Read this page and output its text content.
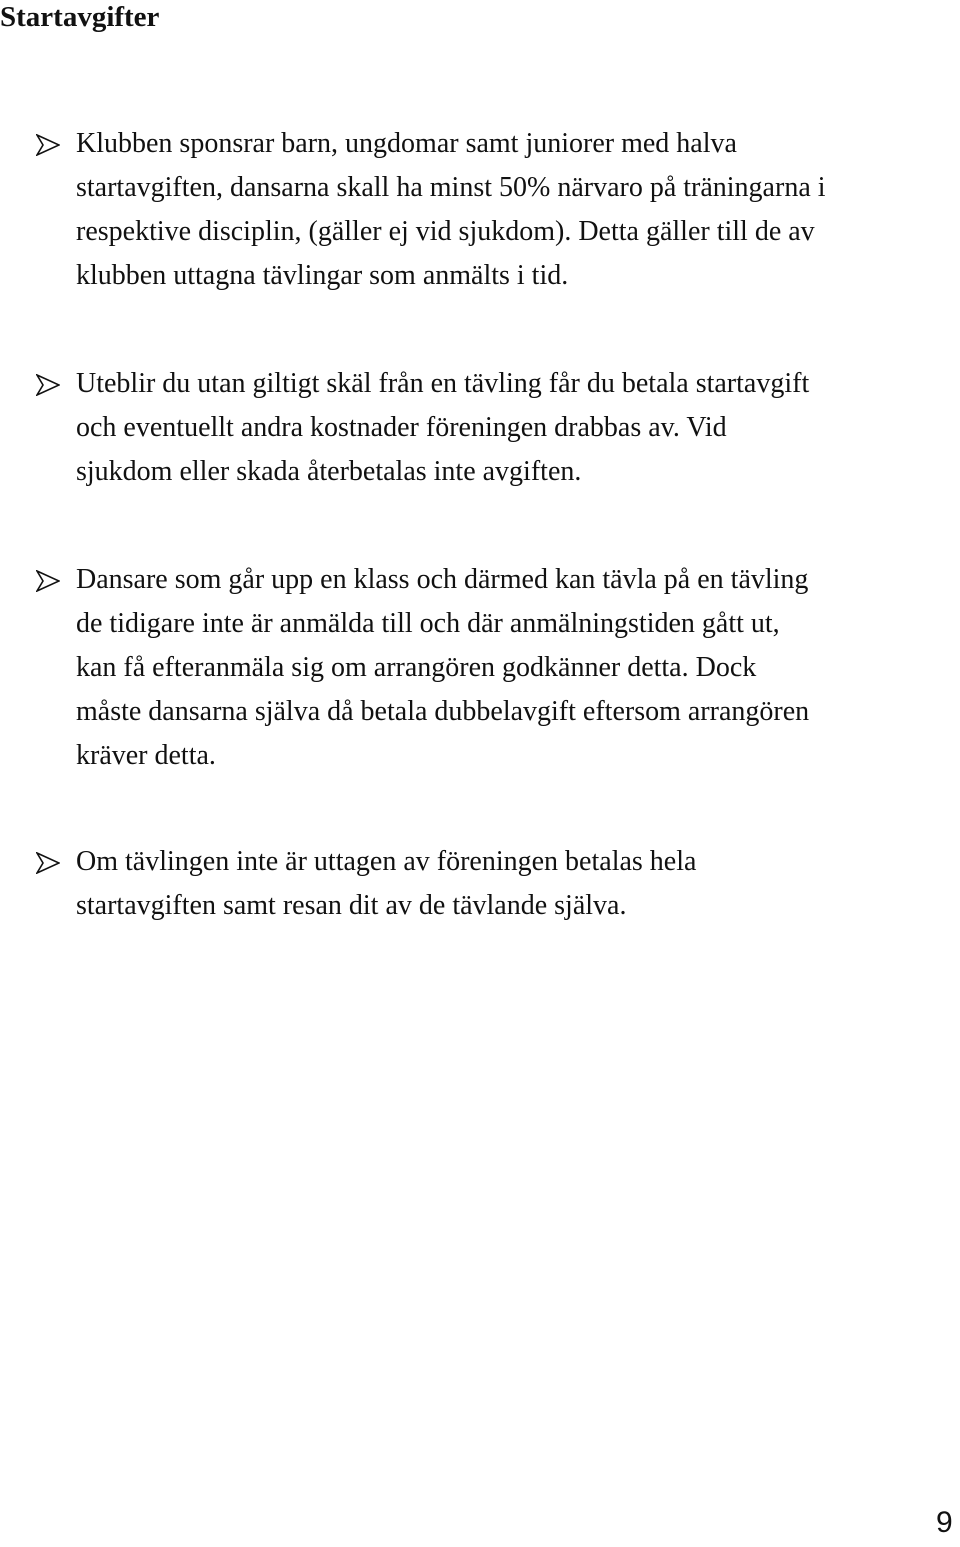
Startavgifter
Klubben sponsrar barn, ungdomar samt juniorer med halva
startavgiften, dansarna skall ha minst 50% närvaro på träningarna i
respektive disciplin, (gäller ej vid sjukdom). Detta gäller till de av
klubben uttagna tävlingar som anmälts i tid.
Uteblir du utan giltigt skäl från en tävling får du betala startavgift
och eventuellt andra kostnader föreningen drabbas av. Vid
sjukdom eller skada återbetalas inte avgiften.
Dansare som går upp en klass och därmed kan tävla på en tävling
de tidigare inte är anmälda till och där anmälningstiden gått ut,
kan få efteranmäla sig om arrangören godkänner detta. Dock
måste dansarna själva då betala dubbelavgift eftersom arrangören
kräver detta.
Om tävlingen inte är uttagen av föreningen betalas hela
startavgiften samt resan dit av de tävlande själva.
9
